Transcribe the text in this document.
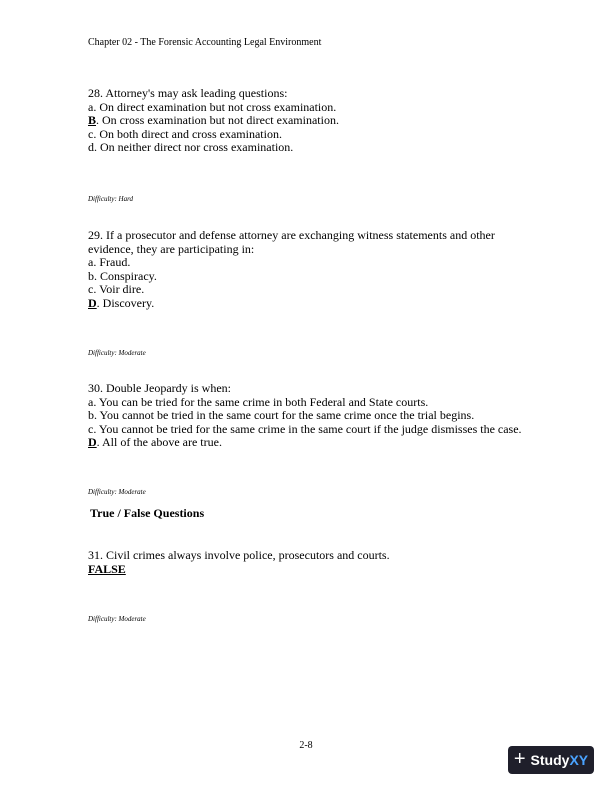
Chapter 02 - The Forensic Accounting Legal Environment
28. Attorney's may ask leading questions:
a. On direct examination but not cross examination.
B. On cross examination but not direct examination.
c. On both direct and cross examination.
d. On neither direct nor cross examination.
Difficulty: Hard
29. If a prosecutor and defense attorney are exchanging witness statements and other evidence, they are participating in:
a. Fraud.
b. Conspiracy.
c. Voir dire.
D. Discovery.
Difficulty: Moderate
30. Double Jeopardy is when:
a. You can be tried for the same crime in both Federal and State courts.
b. You cannot be tried in the same court for the same crime once the trial begins.
c. You cannot be tried for the same crime in the same court if the judge dismisses the case.
D. All of the above are true.
Difficulty: Moderate
True / False Questions
31. Civil crimes always involve police, prosecutors and courts.
FALSE
Difficulty: Moderate
2-8
+ StudyXY
